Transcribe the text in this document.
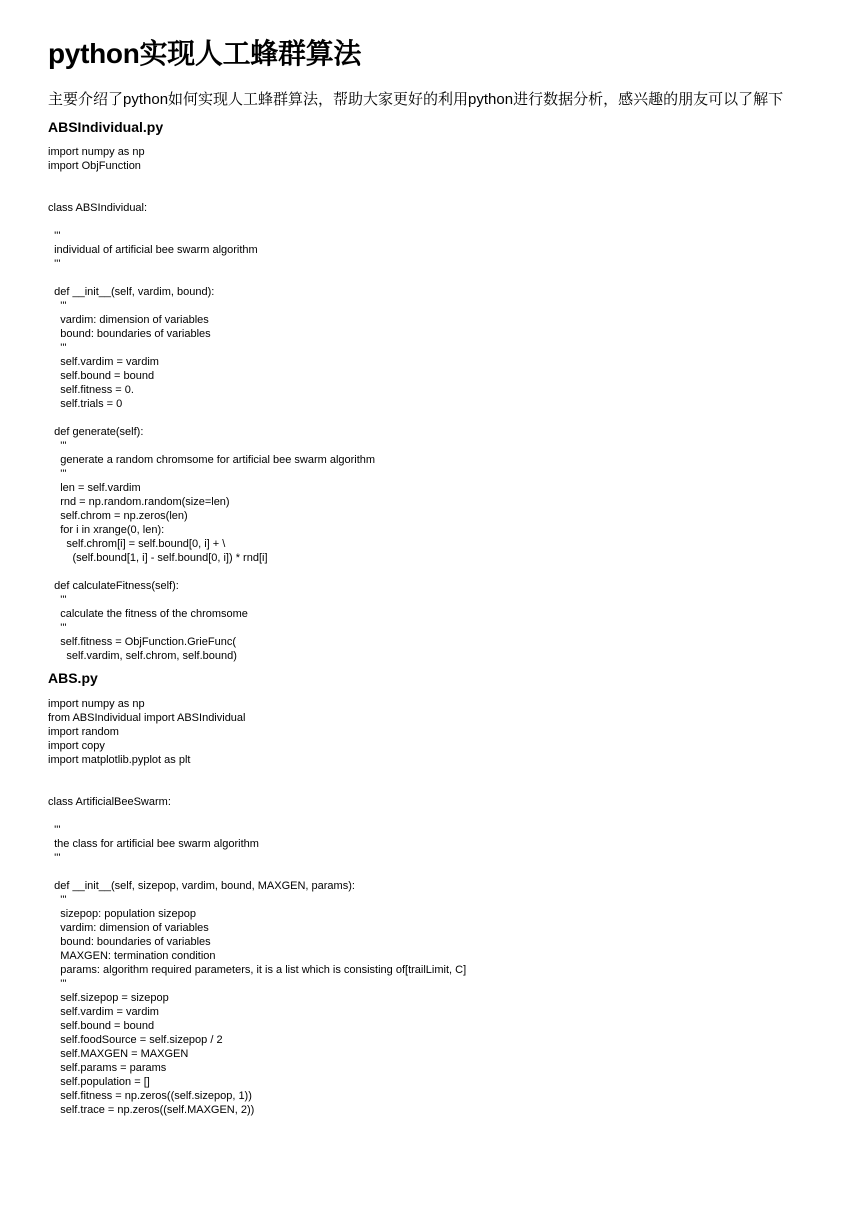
python实现人工蜂群算法
主要介绍了python如何实现人工蜂群算法，帮助大家更好的利用python进行数据分析，感兴趣的朋友可以了解下
ABSIndividual.py
import numpy as np
import ObjFunction

class ABSIndividual:

'''
individual of artificial bee swarm algorithm
'''

def __init__(self, vardim, bound):
'''
vardim: dimension of variables
bound: boundaries of variables
'''
self.vardim = vardim
self.bound = bound
self.fitness = 0.
self.trials = 0

def generate(self):
'''
generate a random chromsome for artificial bee swarm algorithm
'''
len = self.vardim
rnd = np.random.random(size=len)
self.chrom = np.zeros(len)
for i in xrange(0, len):
self.chrom[i] = self.bound[0, i] + \
(self.bound[1, i] - self.bound[0, i]) * rnd[i]

def calculateFitness(self):
'''
calculate the fitness of the chromsome
'''
self.fitness = ObjFunction.GrieFunc(
self.vardim, self.chrom, self.bound)
ABS.py
import numpy as np
from ABSIndividual import ABSIndividual
import random
import copy
import matplotlib.pyplot as plt

class ArtificialBeeSwarm:

'''
the class for artificial bee swarm algorithm
'''

def __init__(self, sizepop, vardim, bound, MAXGEN, params):
'''
sizepop: population sizepop
vardim: dimension of variables
bound: boundaries of variables
MAXGEN: termination condition
params: algorithm required parameters, it is a list which is consisting of[trailLimit, C]
'''
self.sizepop = sizepop
self.vardim = vardim
self.bound = bound
self.foodSource = self.sizepop / 2
self.MAXGEN = MAXGEN
self.params = params
self.population = []
self.fitness = np.zeros((self.sizepop, 1))
self.trace = np.zeros((self.MAXGEN, 2))
